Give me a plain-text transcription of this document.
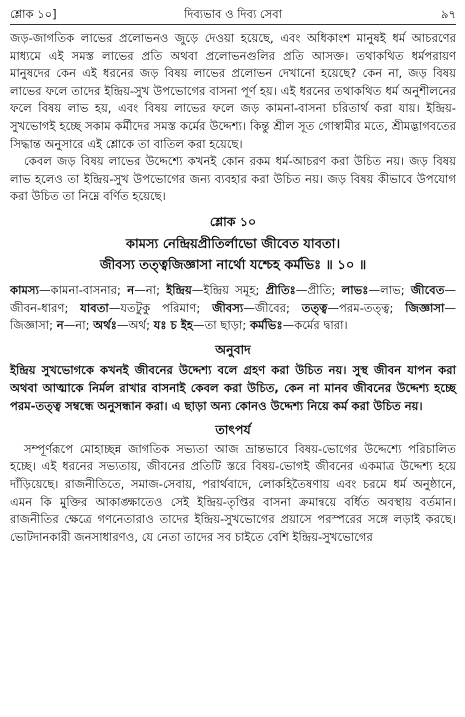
শ্লোক ১০]	দিব্যভাব ও দিব্য সেবা	৯৭

জড়-জাগতিক লাভের প্রলোভনও জুড়ে দেওয়া হয়েছে, এবং অধিকাংশ মানুষই ধর্ম আচরণের মাধ্যমে এই সমস্ত লাভের প্রতি অথবা প্রলোভনগুলির প্রতি আসক্ত। তথাকথিত ধর্মপরায়ণ মানুষদের কেন এই ধরনের জড় বিষয় লাভের প্রলোভন দেখানো হয়েছে? কেন না, জড় বিষয় লাভের ফলে তাদের ইন্দ্রিয়-সুখ উপভোগের বাসনা পূর্ণ হয়। এই ধরনের তথাকথিত ধর্ম অনুশীলনের ফলে বিষয় লাভ হয়, এবং বিষয় লাভের ফলে জড় কামনা-বাসনা চরিতার্থ করা যায়। ইন্দ্রিয়-সুখভোগই হচ্ছে সকাম কর্মীদের সমস্ত কর্মের উদ্দেশ্য। কিন্তু শ্রীল সূত গোস্বামীর মতে, শ্রীমদ্ভাগবতের সিদ্ধান্ত অনুসারে এই শ্লোকে তা বাতিল করা হয়েছে।

কেবল জড় বিষয় লাভের উদ্দেশ্যে কখনই কোন রকম ধর্ম-আচরণ করা উচিত নয়। জড় বিষয় লাভ হলেও তা ইন্দ্রিয়-সুখ উপভোগের জন্য ব্যবহার করা উচিত নয়। জড় বিষয় কীভাবে উপযোগ করা উচিত তা নিম্নে বর্ণিত হয়েছে।

শ্লোক ১০
কামস্য নেন্দ্রিয়প্রীতির্লাভো জীবেত যাবতা।
জীবস্য তত্ত্বজিজ্ঞাসা নার্থো যশ্চেহ কর্মভিঃ ॥ ১০ ॥
কামস্য—কামনা-বাসনার; ন—না; ইন্দ্রিয়—ইন্দ্রিয় সমূহ; প্রীতিঃ—প্রীতি; লাভঃ—লাভ; জীবেত—জীবন-ধারণ; যাবতা—যতটুকু পরিমাণ; জীবস্য—জীবের; তত্ত্ব—পরম-তত্ত্ব; জিজ্ঞাসা—জিজ্ঞাসা; ন—না; অর্থঃ—অর্থ; যঃ চ ইহ—তা ছাড়া; কর্মভিঃ—কর্মের দ্বারা।
অনুবাদ

ইন্দ্রিয় সুখভোগকে কখনই জীবনের উদ্দেশ্য বলে গ্রহণ করা উচিত নয়। সুস্থ জীবন যাপন করা অথবা আত্মাকে নির্মল রাখার বাসনাই কেবল করা উচিত, কেন না মানব জীবনের উদ্দেশ্য হচ্ছে পরম-তত্ত্ব সম্বন্ধে অনুসন্ধান করা। এ ছাড়া অন্য কোনও উদ্দেশ্য নিয়ে কর্ম করা উচিত নয়।

তাৎপর্য

সম্পূর্ণরূপে মোহাচ্ছন্ন জাগতিক সভ্যতা আজ ভ্রান্তভাবে বিষয়-ভোগের উদ্দেশ্যে পরিচালিত হচ্ছে। এই ধরনের সভ্যতায়, জীবনের প্রতিটি স্তরে বিষয়-ভোগই জীবনের একমাত্র উদ্দেশ্য হয়ে দাঁড়িয়েছে। রাজনীতিতে, সমাজ-সেবায়, পরার্থবাদে, লোকহিতৈষণায় এবং চরমে ধর্ম অনুষ্ঠানে, এমন কি মুক্তির আকাঙ্ক্ষাতেও সেই ইন্দ্রিয়-তৃপ্তির বাসনা ক্রমান্বয়ে বর্ধিত অবস্থায় বর্তমান। রাজনীতির ক্ষেত্রে গণনেতারাও তাদের ইন্দ্রিয়-সুখভোগের প্রয়াসে পরস্পরের সঙ্গে লড়াই করছে। ভোটদানকারী জনসাধারণও, যে নেতা তাদের সব চাইতে বেশি ইন্দ্রিয়-সুখভোগের
